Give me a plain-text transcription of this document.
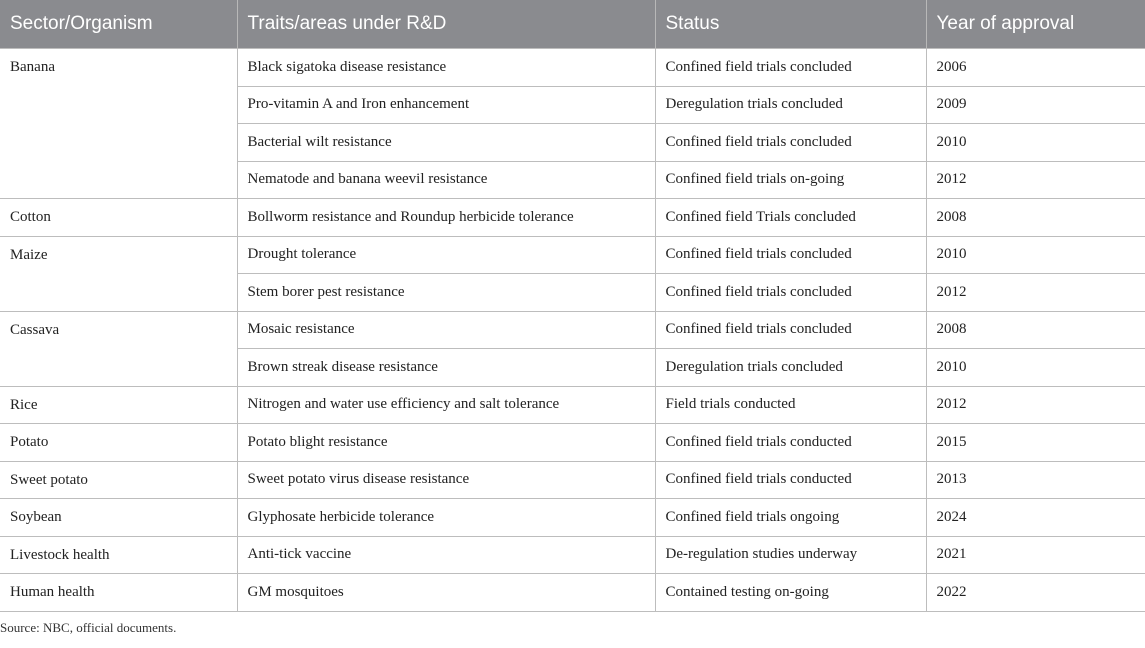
Sector/Organism	Traits/areas under R&D	Status	Year of approval
Banana	Black sigatoka disease resistance	Confined field trials concluded	2006
	Pro-vitamin A and Iron enhancement	Deregulation trials concluded	2009
	Bacterial wilt resistance	Confined field trials concluded	2010
	Nematode and banana weevil resistance	Confined field trials on-going	2012
Cotton	Bollworm resistance and Roundup herbicide tolerance	Confined field Trials concluded	2008
Maize	Drought tolerance	Confined field trials concluded	2010
	Stem borer pest resistance	Confined field trials concluded	2012
Cassava	Mosaic resistance	Confined field trials concluded	2008
	Brown streak disease resistance	Deregulation trials concluded	2010
Rice	Nitrogen and water use efficiency and salt tolerance	Field trials conducted	2012
Potato	Potato blight resistance	Confined field trials conducted	2015
Sweet potato	Sweet potato virus disease resistance	Confined field trials conducted	2013
Soybean	Glyphosate herbicide tolerance	Confined field trials ongoing	2024
Livestock health	Anti-tick vaccine	De-regulation studies underway	2021
Human health	GM mosquitoes	Contained testing on-going	2022
Source: NBC, official documents.
